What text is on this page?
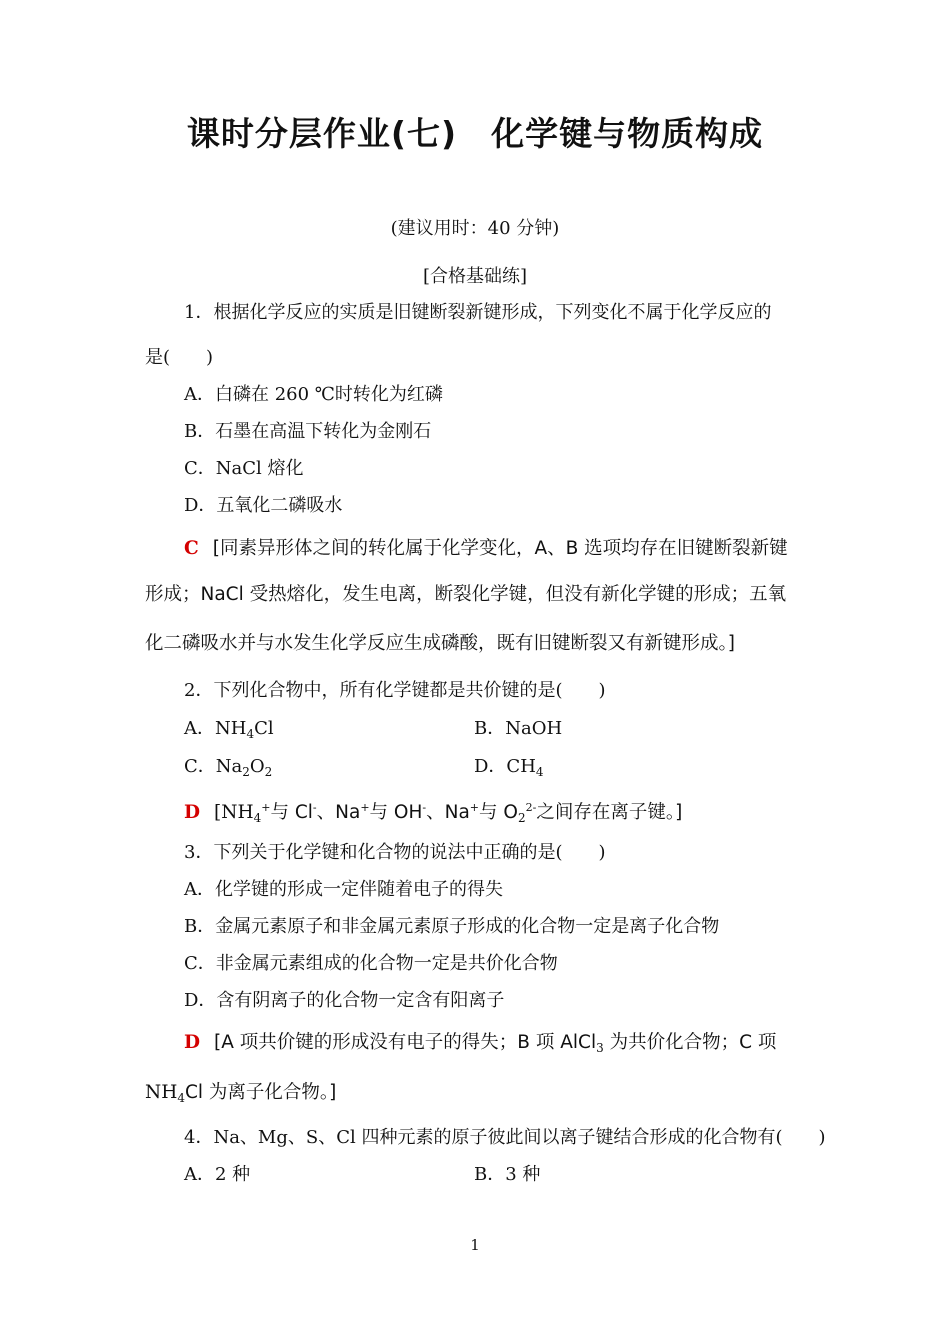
课时分层作业(七)　化学键与物质构成
(建议用时：40 分钟)
[合格基础练]
1．根据化学反应的实质是旧键断裂新键形成，下列变化不属于化学反应的
是(　　)
A．白磷在 260 ℃时转化为红磷
B．石墨在高温下转化为金刚石
C．NaCl 熔化
D．五氧化二磷吸水
C [同素异形体之间的转化属于化学变化，A、B 选项均存在旧键断裂新键
形成；NaCl 受热熔化，发生电离，断裂化学键，但没有新化学键的形成；五氧
化二磷吸水并与水发生化学反应生成磷酸，既有旧键断裂又有新键形成。]
2．下列化合物中，所有化学键都是共价键的是(　　)
A．$NH_4Cl$	B．NaOH
C．$Na_2O_2$	D．$CH_4$
D [$NH_4^+$与 Cl-、Na+与 OH-、Na+与 $O_2^{2-}$之间存在离子键。]
3．下列关于化学键和化合物的说法中正确的是(　　)
A．化学键的形成一定伴随着电子的得失
B．金属元素原子和非金属元素原子形成的化合物一定是离子化合物
C．非金属元素组成的化合物一定是共价化合物
D．含有阴离子的化合物一定含有阳离子
D [A 项共价键的形成没有电子的得失；B 项 AlCl$_3$ 为共价化合物；C 项
$NH_4Cl$ 为离子化合物。]
4．Na、Mg、S、Cl 四种元素的原子彼此间以离子键结合形成的化合物有(　　)
A．2 种	B．3 种
1
